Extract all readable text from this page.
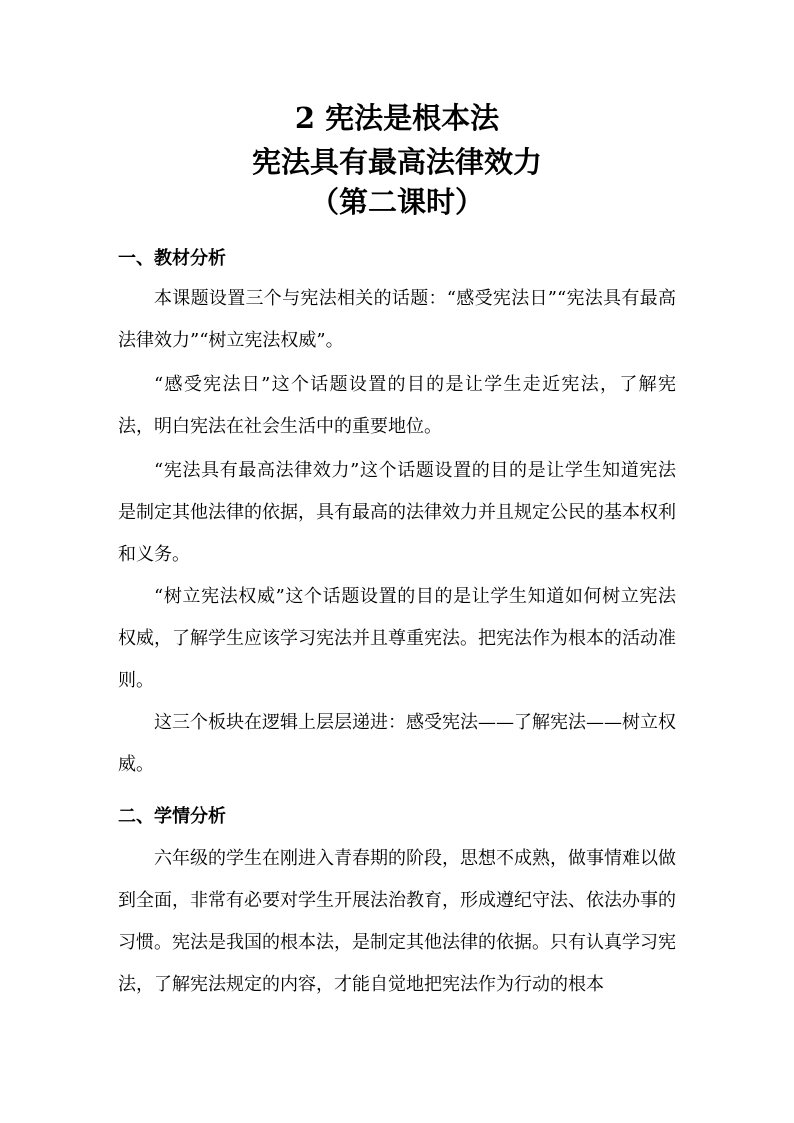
2 宪法是根本法
宪法具有最高法律效力
（第二课时）
一、教材分析

本课题设置三个与宪法相关的话题：“感受宪法日”“宪法具有最高法律效力”“树立宪法权威”。

“感受宪法日”这个话题设置的目的是让学生走近宪法，了解宪法，明白宪法在社会生活中的重要地位。

“宪法具有最高法律效力”这个话题设置的目的是让学生知道宪法是制定其他法律的依据，具有最高的法律效力并且规定公民的基本权利和义务。

“树立宪法权威”这个话题设置的目的是让学生知道如何树立宪法权威，了解学生应该学习宪法并且尊重宪法。把宪法作为根本的活动准则。

这三个板块在逻辑上层层递进：感受宪法——了解宪法——树立权威。

二、学情分析

六年级的学生在刚进入青春期的阶段，思想不成熟，做事情难以做到全面，非常有必要对学生开展法治教育，形成遵纪守法、依法办事的习惯。宪法是我国的根本法，是制定其他法律的依据。只有认真学习宪法，了解宪法规定的内容，才能自觉地把宪法作为行动的根本
